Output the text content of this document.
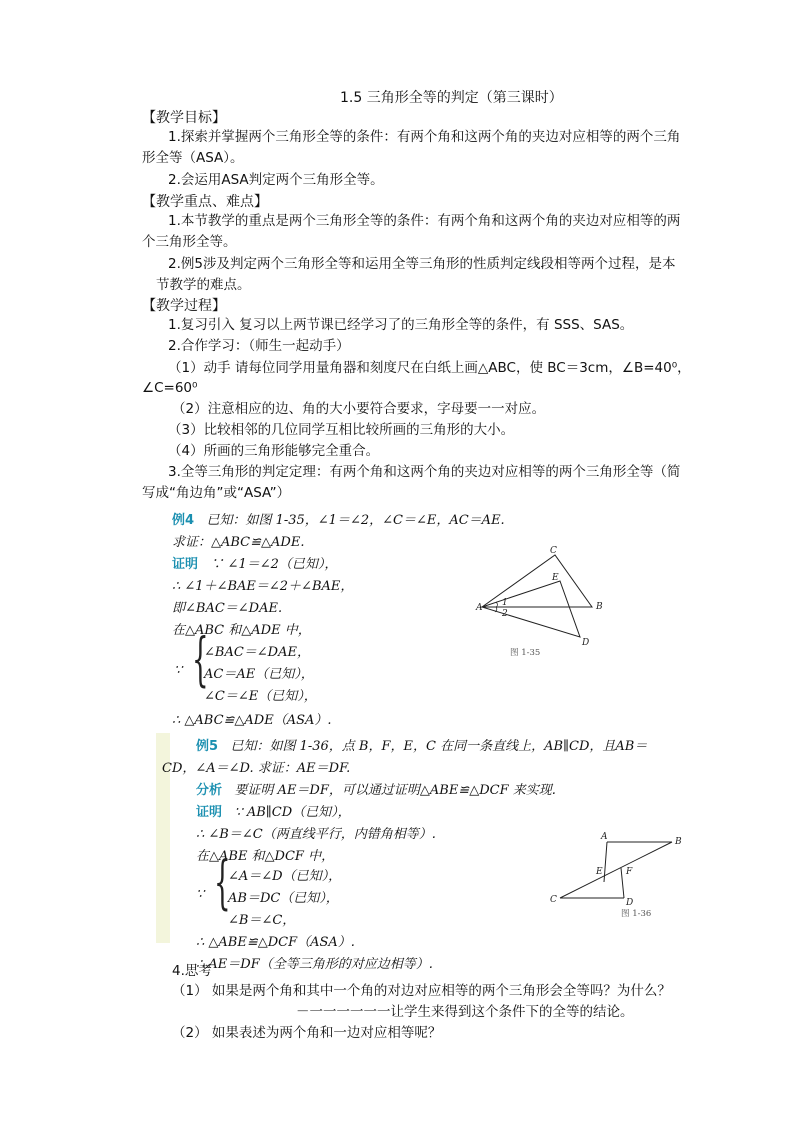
1.5 三角形全等的判定（第三课时）
【教学目标】
1.探索并掌握两个三角形全等的条件：有两个角和这两个角的夹边对应相等的两个三角
形全等（ASA）。
2.会运用ASA判定两个三角形全等。
【教学重点、难点】
1.本节教学的重点是两个三角形全等的条件：有两个角和这两个角的夹边对应相等的两
个三角形全等。
2.例5涉及判定两个三角形全等和运用全等三角形的性质判定线段相等两个过程，是本
节教学的难点。
【教学过程】
1.复习引入 复习以上两节课已经学习了的三角形全等的条件，有 SSS、SAS。
2.合作学习：（师生一起动手）
（1）动手 请每位同学用量角器和刻度尺在白纸上画△ABC，使 BC＝3cm，∠B=40⁰，
∠C=60⁰
（2）注意相应的边、角的大小要符合要求，字母要一一对应。
（3）比较相邻的几位同学互相比较所画的三角形的大小。
（4）所画的三角形能够完全重合。
3.全等三角形的判定定理：有两个角和这两个角的夹边对应相等的两个三角形全等（简
写成“角边角”或“ASA”）
例4 已知：如图 1-35，∠1＝∠2，∠C＝∠E，AC＝AE.
求证：△ABC≌△ADE.
证明 ∵ ∠1＝∠2（已知），
∴ ∠1＋∠BAE＝∠2＋∠BAE，
即∠BAC＝∠DAE.
在△ABC 和△ADE 中，
{
∵
∠BAC＝∠DAE，
AC＝AE（已知），
∠C＝∠E（已知），
∴ △ABC≌△ADE（ASA）.
A	B
C
D
E
1
2
图 1-35
例5 已知：如图 1-36，点 B，F，E，C 在同一条直线上，AB∥CD，且AB＝
CD，∠A＝∠D. 求证：AE＝DF.
分析 要证明 AE＝DF，可以通过证明△ABE≌△DCF 来实现.
证明 ∵ AB∥CD（已知），
∴ ∠B＝∠C（两直线平行，内错角相等）.
在△ABE 和△DCF 中，
{
∵
∠A＝∠D（已知），
AB＝DC（已知），
∠B＝∠C，
∴ △ABE≌△DCF（ASA）.
∴ AE＝DF（全等三角形的对应边相等）.
A	B
C	D
E	F
图 1-36
4.思考
（1） 如果是两个角和其中一个角的对边对应相等的两个三角形会全等吗？为什么？
－一一一一一一让学生来得到这个条件下的全等的结论。
（2） 如果表述为两个角和一边对应相等呢？
